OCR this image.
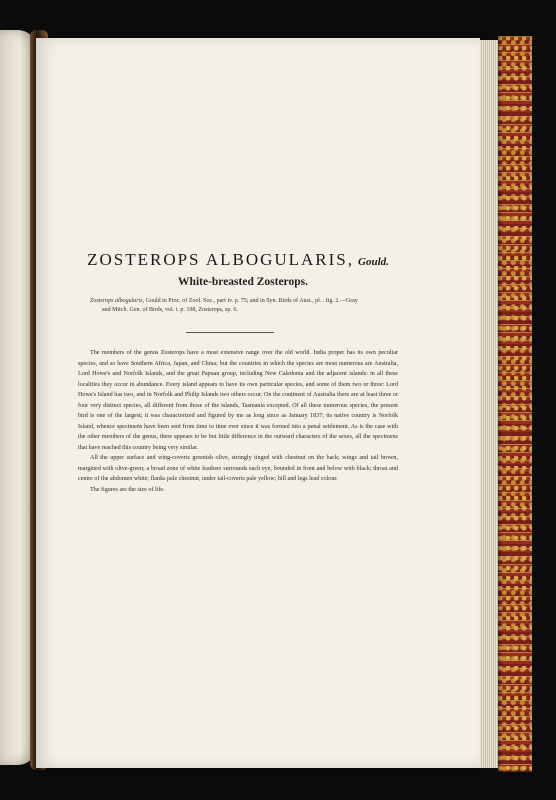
ZOSTEROPS ALBOGULARIS, Gould.
White-breasted Zosterops.
Zosterops albogularis, Gould in Proc. of Zool. Soc., part iv. p. 75; and in Syn. Birds of Aust., pl. . fig. 2.—Gray
and Mitch. Gen. of Birds, vol. i. p. 198, Zosterops, sp. 6.

The members of the genus Zosterops have a most extensive range over the old world. India proper has its own peculiar species, and so have Southern Africa, Japan, and China; but the countries in which the species are most numerous are Australia, Lord Howe's and Norfolk Islands, and the great Papuan group, including New Caledonia and the adjacent islands: in all these localities they occur in abundance. Every island appears to have its own particular species, and some of them two or three: Lord Howe's Island has two, and in Norfolk and Philip Islands two others occur. On the continent of Australia there are at least three or four very distinct species, all different from those of the islands, Tasmania excepted. Of all these numerous species, the present bird is one of the largest; it was characterized and figured by me as long since as January 1837; its native country is Norfolk Island, whence specimens have been sent from time to time ever since it was formed into a penal settlement. As is the case with the other members of the genus, there appears to be but little difference in the outward characters of the sexes, all the specimens that have reached this country being very similar.

All the upper surface and wing-coverts greenish olive, strongly tinged with chestnut on the back; wings and tail brown, margined with olive-green; a broad zone of white feathers surrounds each eye, bounded in front and below with black; throat and centre of the abdomen white; flanks pale chestnut, under tail-coverts pale yellow; bill and legs lead colour.

The figures are the size of life.
